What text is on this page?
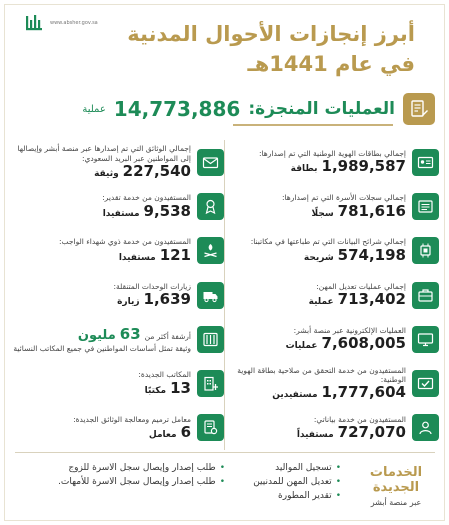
www.absher.gov.sa أبرز إنجازات الأحوال المدنية
في عام 1441هـ
العمليات المنجزة:
14,773,886
عملية
إجمالي بطاقات الهوية الوطنية التي تم إصدارها:
1,989,587
بطاقة
إجمالي سجلات الأسرة التي تم إصدارها:
781,616
سجلًا
إجمالي شرائح البيانات التي تم طباعتها في مكاتبنا:
574,198
شريحة
إجمالي عمليات تعديل المهن:
713,402
عملية
العمليات الإلكترونية عبر منصة أبشر:
7,608,005
عمليات
المستفيدون من خدمة التحقق من صلاحية بطاقة الهوية الوطنية:
1,777,604
مستفيدين
المستفيدون من خدمة بياناتي:
727,070
مستفيداً
إجمالي الوثائق التي تم إصدارها عبر منصة أبشر وإيصالها إلى المواطنين عبر البريد السعودي:
227,540
وثيقة
المستفيدون من خدمة تقدير:
9,538
مستفيدا
المستفيدون من خدمة ذوي شهداء الواجب:
121
مستفيدا
زيارات الوحدات المتنقلة:
1,639
زيارة
أرشفة أكثر من
63
مليون
وثيقة تمثل أساسات المواطنين في جميع المكاتب النسائية
المكاتب الجديدة:
13
مكتبًا
معامل ترميم ومعالجة الوثائق الجديدة:
6
معامل
الخدمات الجديدة
عبر منصة أبشر
• تسجيل المواليد
• تعديل المهن للمدنيين
• تقدير المطورة
• طلب إصدار وإيصال سجل الاسرة للزوج
• طلب إصدار وإيصال سجل الاسرة للأمهات.
